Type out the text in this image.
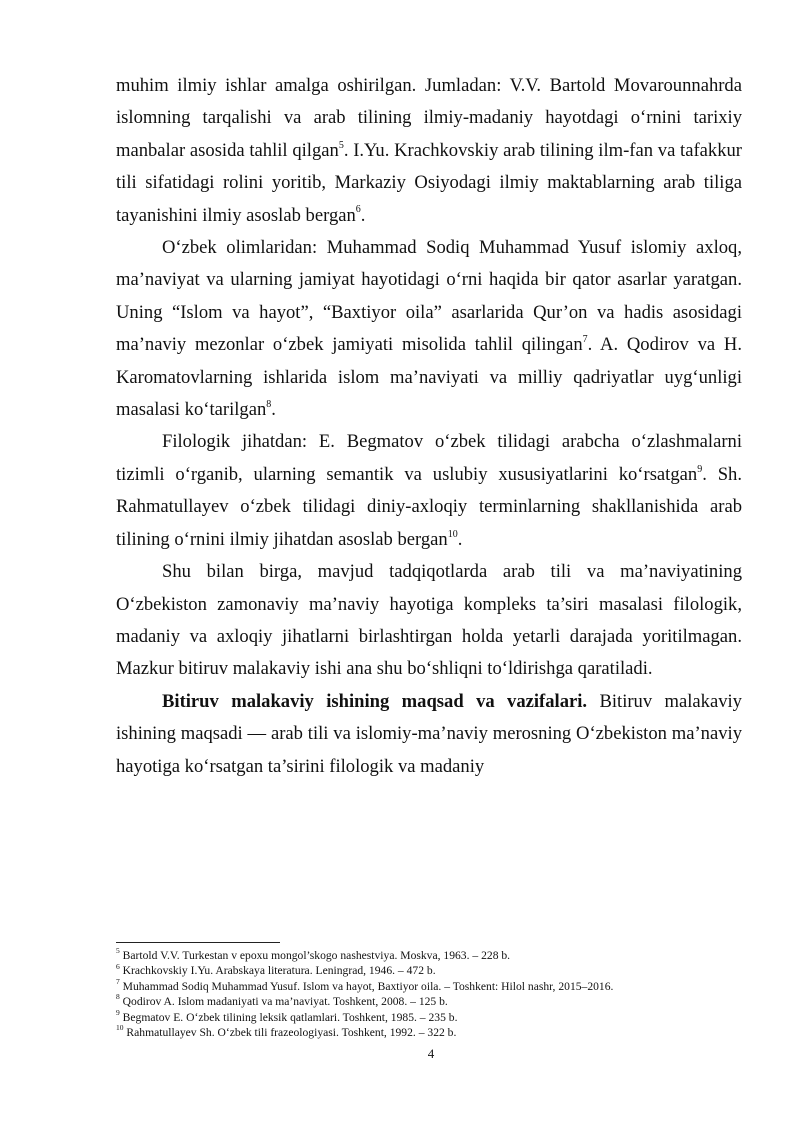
muhim ilmiy ishlar amalga oshirilgan. Jumladan: V.V. Bartold Movarounnahrda islomning tarqalishi va arab tilining ilmiy-madaniy hayotdagi o‘rnini tarixiy manbalar asosida tahlil qilgan$^5$. I.Yu. Krachkovskiy arab tilining ilm-fan va tafakkur tili sifatidagi rolini yoritib, Markaziy Osiyodagi ilmiy maktablarning arab tiliga tayanishini ilmiy asoslab bergan$^6$.

O‘zbek olimlaridan: Muhammad Sodiq Muhammad Yusuf islomiy axloq, ma’naviyat va ularning jamiyat hayotidagi o‘rni haqida bir qator asarlar yaratgan. Uning “Islom va hayot”, “Baxtiyor oila” asarlarida Qur’on va hadis asosidagi ma’naviy mezonlar o‘zbek jamiyati misolida tahlil qilingan$^7$. A. Qodirov va H. Karomatovlarning ishlarida islom ma’naviyati va milliy qadriyatlar uyg‘unligi masalasi ko‘tarilgan$^8$.

Filologik jihatdan: E. Begmatov o‘zbek tilidagi arabcha o‘zlashmalarni tizimli o‘rganib, ularning semantik va uslubiy xususiyatlarini ko‘rsatgan$^9$. Sh. Rahmatullayev o‘zbek tilidagi diniy-axloqiy terminlarning shakllanishida arab tilining o‘rnini ilmiy jihatdan asoslab bergan$^{10}$.

Shu bilan birga, mavjud tadqiqotlarda arab tili va ma’naviyatining O‘zbekiston zamonaviy ma’naviy hayotiga kompleks ta’siri masalasi filologik, madaniy va axloqiy jihatlarni birlashtirgan holda yetarli darajada yoritilmagan. Mazkur bitiruv malakaviy ishi ana shu bo‘shliqni to‘ldirishga qaratiladi.

Bitiruv malakaviy ishining maqsad va vazifalari. Bitiruv malakaviy ishining maqsadi — arab tili va islomiy-ma’naviy merosning O‘zbekiston ma’naviy hayotiga ko‘rsatgan ta’sirini filologik va madaniy

$^5$ Bartold V.V. Turkestan v epoxu mongol’skogo nashestviya. Moskva, 1963. – 228 b.
$^6$ Krachkovskiy I.Yu. Arabskaya literatura. Leningrad, 1946. – 472 b.
$^7$ Muhammad Sodiq Muhammad Yusuf. Islom va hayot, Baxtiyor oila. – Toshkent: Hilol nashr, 2015–2016.
$^8$ Qodirov A. Islom madaniyati va ma’naviyat. Toshkent, 2008. – 125 b.
$^9$ Begmatov E. O‘zbek tilining leksik qatlamlari. Toshkent, 1985. – 235 b.
$^{10}$ Rahmatullayev Sh. O‘zbek tili frazeologiyasi. Toshkent, 1992. – 322 b.
4
